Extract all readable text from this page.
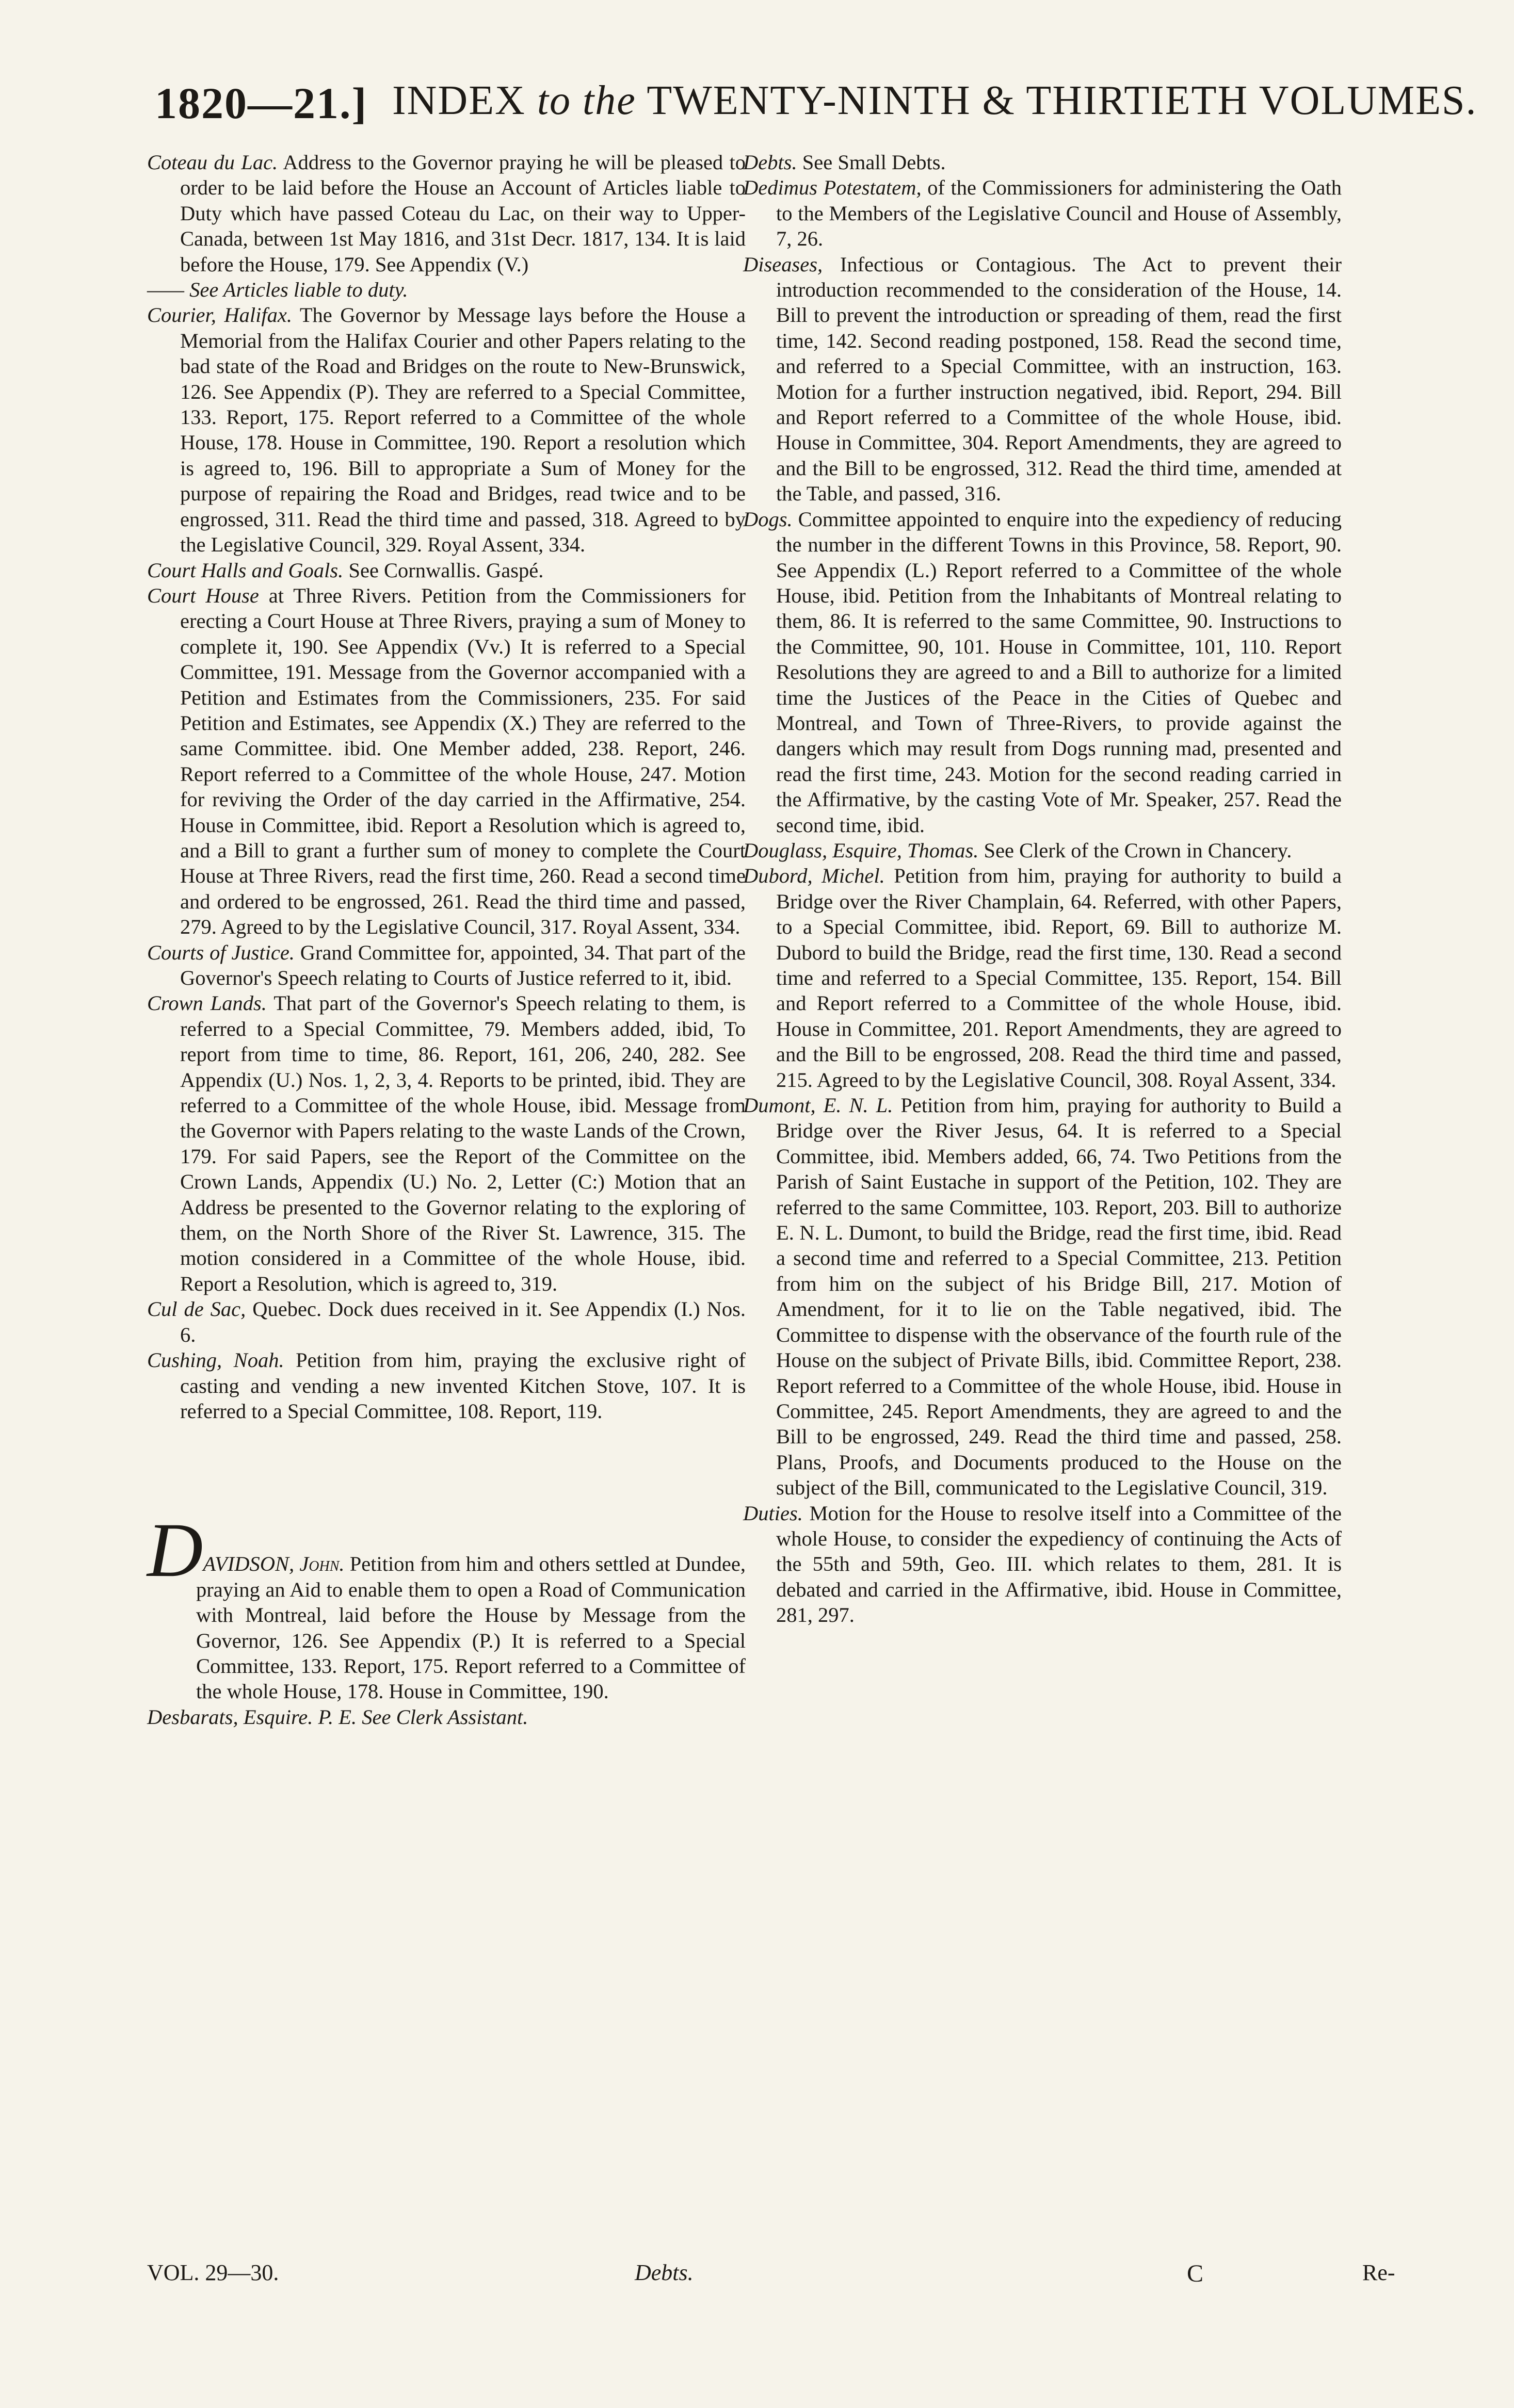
1820—21.] INDEX to the TWENTY-NINTH & THIRTIETH VOLUMES.

Coteau du Lac. Address to the Governor praying he will be pleased to order to be laid before the House an Account of Articles liable to Duty which have passed Coteau du Lac, on their way to Upper-Canada, between 1st May 1816, and 31st Decr. 1817, 134. It is laid before the House, 179. See Appendix (V.)

—— See Articles liable to duty.

Courier, Halifax. The Governor by Message lays before the House a Memorial from the Halifax Courier and other Papers relating to the bad state of the Road and Bridges on the route to New-Brunswick, 126. See Appendix (P). They are referred to a Special Committee, 133. Report, 175. Report referred to a Committee of the whole House, 178. House in Committee, 190. Report a resolution which is agreed to, 196. Bill to appropriate a Sum of Money for the purpose of repairing the Road and Bridges, read twice and to be engrossed, 311. Read the third time and passed, 318. Agreed to by the Legislative Council, 329. Royal Assent, 334.

Court Halls and Goals. See Cornwallis. Gaspé.

Court House at Three Rivers. Petition from the Commissioners for erecting a Court House at Three Rivers, praying a sum of Money to complete it, 190. See Appendix (Vv.) It is referred to a Special Committee, 191. Message from the Governor accompanied with a Petition and Estimates from the Commissioners, 235. For said Petition and Estimates, see Appendix (X.) They are referred to the same Committee. ibid. One Member added, 238. Report, 246. Report referred to a Committee of the whole House, 247. Motion for reviving the Order of the day carried in the Affirmative, 254. House in Committee, ibid. Report a Resolution which is agreed to, and a Bill to grant a further sum of money to complete the Court House at Three Rivers, read the first time, 260. Read a second time and ordered to be engrossed, 261. Read the third time and passed, 279. Agreed to by the Legislative Council, 317. Royal Assent, 334.

Courts of Justice. Grand Committee for, appointed, 34. That part of the Governor's Speech relating to Courts of Justice referred to it, ibid.

Crown Lands. That part of the Governor's Speech relating to them, is referred to a Special Committee, 79. Members added, ibid, To report from time to time, 86. Report, 161, 206, 240, 282. See Appendix (U.) Nos. 1, 2, 3, 4. Reports to be printed, ibid. They are referred to a Committee of the whole House, ibid. Message from the Governor with Papers relating to the waste Lands of the Crown, 179. For said Papers, see the Report of the Committee on the Crown Lands, Appendix (U.) No. 2, Letter (C:) Motion that an Address be presented to the Governor relating to the exploring of them, on the North Shore of the River St. Lawrence, 315. The motion considered in a Committee of the whole House, ibid. Report a Resolution, which is agreed to, 319.

Cul de Sac, Quebec. Dock dues received in it. See Appendix (I.) Nos. 6.

Cushing, Noah. Petition from him, praying the exclusive right of casting and vending a new invented Kitchen Stove, 107. It is referred to a Special Committee, 108. Report, 119.

DAVIDSON, John. Petition from him and others settled at Dundee, praying an Aid to enable them to open a Road of Communication with Montreal, laid before the House by Message from the Governor, 126. See Appendix (P.) It is referred to a Special Committee, 133. Report, 175. Report referred to a Committee of the whole House, 178. House in Committee, 190.

Desbarats, Esquire. P. E. See Clerk Assistant.

Debts. See Small Debts.

Dedimus Potestatem, of the Commissioners for administering the Oath to the Members of the Legislative Council and House of Assembly, 7, 26.

Diseases, Infectious or Contagious. The Act to prevent their introduction recommended to the consideration of the House, 14. Bill to prevent the introduction or spreading of them, read the first time, 142. Second reading postponed, 158. Read the second time, and referred to a Special Committee, with an instruction, 163. Motion for a further instruction negatived, ibid. Report, 294. Bill and Report referred to a Committee of the whole House, ibid. House in Committee, 304. Report Amendments, they are agreed to and the Bill to be engrossed, 312. Read the third time, amended at the Table, and passed, 316.

Dogs. Committee appointed to enquire into the expediency of reducing the number in the different Towns in this Province, 58. Report, 90. See Appendix (L.) Report referred to a Committee of the whole House, ibid. Petition from the Inhabitants of Montreal relating to them, 86. It is referred to the same Committee, 90. Instructions to the Committee, 90, 101. House in Committee, 101, 110. Report Resolutions they are agreed to and a Bill to authorize for a limited time the Justices of the Peace in the Cities of Quebec and Montreal, and Town of Three-Rivers, to provide against the dangers which may result from Dogs running mad, presented and read the first time, 243. Motion for the second reading carried in the Affirmative, by the casting Vote of Mr. Speaker, 257. Read the second time, ibid.

Douglass, Esquire, Thomas. See Clerk of the Crown in Chancery.

Dubord, Michel. Petition from him, praying for authority to build a Bridge over the River Champlain, 64. Referred, with other Papers, to a Special Committee, ibid. Report, 69. Bill to authorize M. Dubord to build the Bridge, read the first time, 130. Read a second time and referred to a Special Committee, 135. Report, 154. Bill and Report referred to a Committee of the whole House, ibid. House in Committee, 201. Report Amendments, they are agreed to and the Bill to be engrossed, 208. Read the third time and passed, 215. Agreed to by the Legislative Council, 308. Royal Assent, 334.

Dumont, E. N. L. Petition from him, praying for authority to Build a Bridge over the River Jesus, 64. It is referred to a Special Committee, ibid. Members added, 66, 74. Two Petitions from the Parish of Saint Eustache in support of the Petition, 102. They are referred to the same Committee, 103. Report, 203. Bill to authorize E. N. L. Dumont, to build the Bridge, read the first time, ibid. Read a second time and referred to a Special Committee, 213. Petition from him on the subject of his Bridge Bill, 217. Motion of Amendment, for it to lie on the Table negatived, ibid. The Committee to dispense with the observance of the fourth rule of the House on the subject of Private Bills, ibid. Committee Report, 238. Report referred to a Committee of the whole House, ibid. House in Committee, 245. Report Amendments, they are agreed to and the Bill to be engrossed, 249. Read the third time and passed, 258. Plans, Proofs, and Documents produced to the House on the subject of the Bill, communicated to the Legislative Council, 319.

Duties. Motion for the House to resolve itself into a Committee of the whole House, to consider the expediency of continuing the Acts of the 55th and 59th, Geo. III. which relates to them, 281. It is debated and carried in the Affirmative, ibid. House in Committee, 281, 297.

VOL. 29—30.	Debts.	C	Re-
